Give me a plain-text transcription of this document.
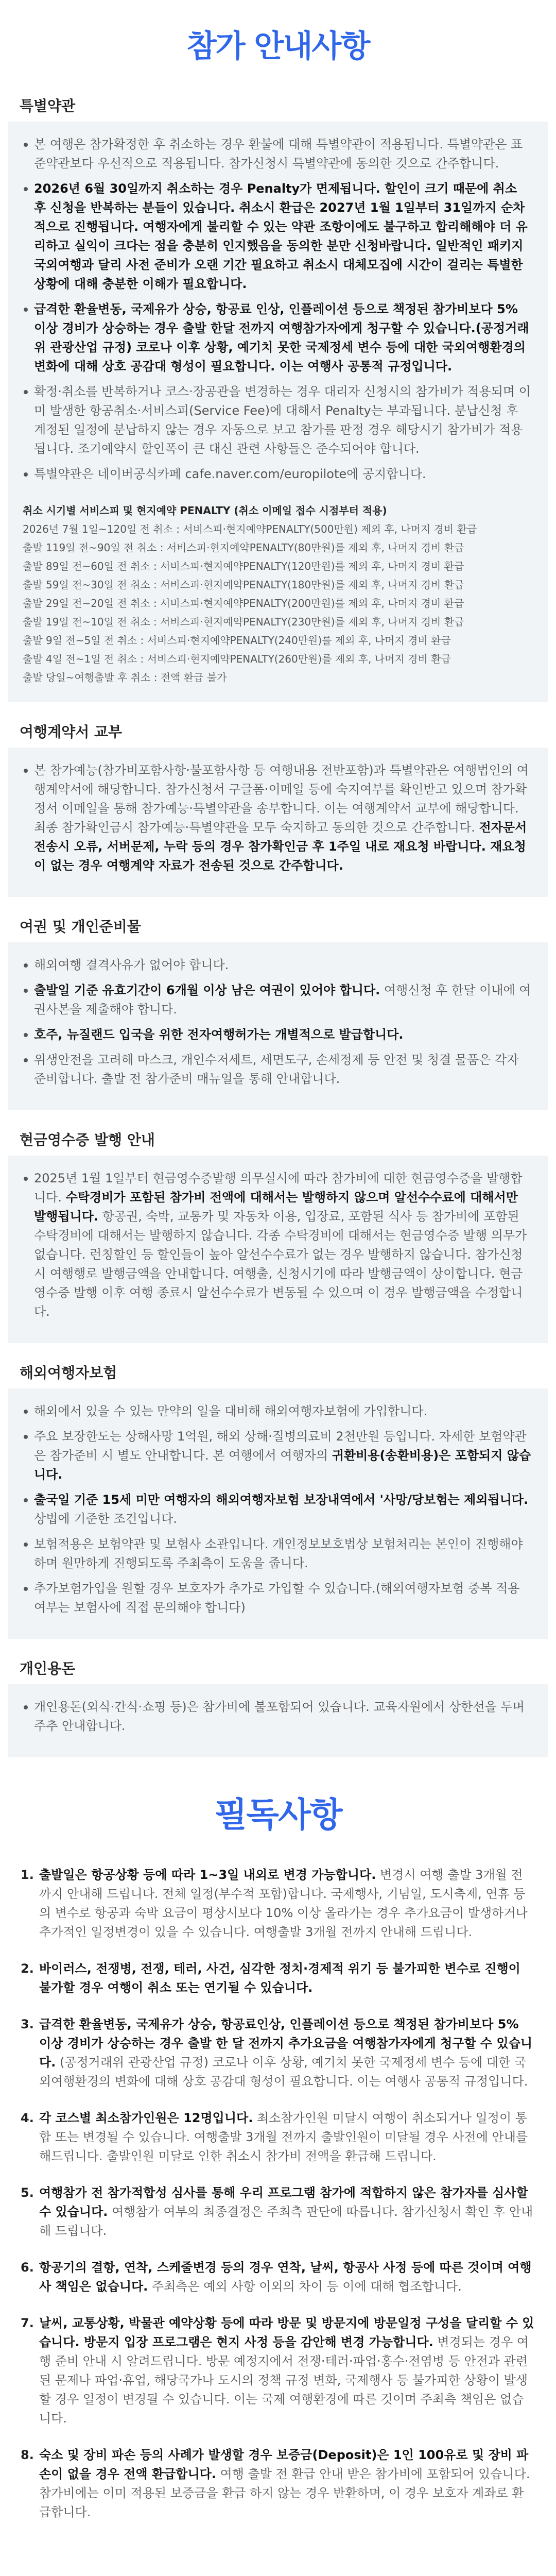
참가 안내사항
특별약관
본 여행은 참가확정한 후 취소하는 경우 환불에 대해 특별약관이 적용됩니다. 특별약관은 표준약관보다 우선적으로 적용됩니다. 참가신청시 특별약관에 동의한 것으로 간주합니다.
2026년 6월 30일까지 취소하는 경우 Penalty가 면제됩니다. 할인이 크기 때문에 취소 후 신청을 반복하는 분들이 있습니다. 취소시 환급은 2027년 1월 1일부터 31일까지 순차적으로 진행됩니다. 여행자에게 불리할 수 있는 약관 조항이에도 불구하고 합리해해야 더 유리하고 실익이 크다는 점을 충분히 인지했음을 동의한 분만 신청바랍니다. 일반적인 패키지 국외여행과 달리 사전 준비가 오랜 기간 필요하고 취소시 대체모집에 시간이 걸리는 특별한 상황에 대해 충분한 이해가 필요합니다.
급격한 환율변동, 국제유가 상승, 항공료 인상, 인플레이션 등으로 책정된 참가비보다 5% 이상 경비가 상승하는 경우 출발 한달 전까지 여행참가자에게 청구할 수 있습니다.(공정거래위 관광산업 규정) 코로나 이후 상황, 예기치 못한 국제정세 변수 등에 대한 국외여행환경의 변화에 대해 상호 공감대 형성이 필요합니다. 이는 여행사 공통적 규정입니다.
확정·취소를 반복하거나 코스·장공관을 변경하는 경우 대리자 신청시의 참가비가 적용되며 이미 발생한 항공취소·서비스피(Service Fee)에 대해서 Penalty는 부과됩니다. 분납신청 후 계정된 일정에 분납하지 않는 경우 자동으로 보고 참가를 판정 경우 해당시기 참가비가 적용됩니다. 조기예약시 할인폭이 큰 대신 관련 사항들은 준수되어야 합니다.
특별약관은 네이버공식카페 cafe.naver.com/europilote에 공지합니다.
취소 시기별 서비스피 및 현지예약 PENALTY (취소 이메일 접수 시점부터 적용)
2026년 7월 1일~120일 전 취소 : 서비스피·현지예약PENALTY(500만원) 제외 후, 나머지 경비 환급
출발 119일 전~90일 전 취소 : 서비스피·현지예약PENALTY(80만원)를 제외 후, 나머지 경비 환급
출발 89일 전~60일 전 취소 : 서비스피·현지예약PENALTY(120만원)를 제외 후, 나머지 경비 환급
출발 59일 전~30일 전 취소 : 서비스피·현지예약PENALTY(180만원)를 제외 후, 나머지 경비 환급
출발 29일 전~20일 전 취소 : 서비스피·현지예약PENALTY(200만원)를 제외 후, 나머지 경비 환급
출발 19일 전~10일 전 취소 : 서비스피·현지예약PENALTY(230만원)를 제외 후, 나머지 경비 환급
출발 9일 전~5일 전 취소 : 서비스피·현지예약PENALTY(240만원)를 제외 후, 나머지 경비 환급
출발 4일 전~1일 전 취소 : 서비스피·현지예약PENALTY(260만원)를 제외 후, 나머지 경비 환급
출발 당일~여행출발 후 취소 : 전액 환급 불가
여행계약서 교부
본 참가예능(참가비포함사항·불포함사항 등 여행내용 전반포함)과 특별약관은 여행법인의 여행계약서에 해당합니다. 참가신청서 구글폼·이메일 등에 숙지여부를 확인받고 있으며 참가확정서 이메일을 통해 참가예능·특별약관을 송부합니다. 이는 여행계약서 교부에 해당합니다. 최종 참가확인금시 참가예능·특별약관을 모두 숙지하고 동의한 것으로 간주합니다. 전자문서 전송시 오류, 서버문제, 누락 등의 경우 참가확인금 후 1주일 내로 재요청 바랍니다. 재요청이 없는 경우 여행계약 자료가 전송된 것으로 간주합니다.
여권 및 개인준비물
해외여행 결격사유가 없어야 합니다.
출발일 기준 유효기간이 6개월 이상 남은 여권이 있어야 합니다. 여행신청 후 한달 이내에 여권사본을 제출해야 합니다.
호주, 뉴질랜드 입국을 위한 전자여행허가는 개별적으로 발급합니다.
위생안전을 고려해 마스크, 개인수저세트, 세면도구, 손세정제 등 안전 및 청결 물품은 각자 준비합니다. 출발 전 참가준비 매뉴얼을 통해 안내합니다.
현금영수증 발행 안내
2025년 1월 1일부터 현금영수증발행 의무실시에 따라 참가비에 대한 현금영수증을 발행합니다. 수탁경비가 포함된 참가비 전액에 대해서는 발행하지 않으며 알선수수료에 대해서만 발행됩니다. 항공권, 숙박, 교통카 및 자동차 이용, 입장료, 포함된 식사 등 참가비에 포함된 수탁경비에 대해서는 발행하지 않습니다. 각종 수탁경비에 대해서는 현금영수증 발행 의무가 없습니다. 런칭할인 등 할인들이 높아 알선수수료가 없는 경우 발행하지 않습니다. 참가신청시 여행행로 발행금액을 안내합니다. 여행출, 신청시기에 따라 발행금액이 상이합니다. 현금영수증 발행 이후 여행 종료시 알선수수료가 변동될 수 있으며 이 경우 발행금액을 수정합니다.
해외여행자보험
해외에서 있을 수 있는 만약의 일을 대비해 해외여행자보험에 가입합니다.
주요 보장한도는 상해사망 1억원, 해외 상해·질병의료비 2천만원 등입니다. 자세한 보험약관은 참가준비 시 별도 안내합니다. 본 여행에서 여행자의 귀환비용(송환비용)은 포함되지 않습니다.
출국일 기준 15세 미만 여행자의 해외여행자보험 보장내역에서 '사망/당보험는 제외됩니다. 상법에 기준한 조건입니다.
보험적용은 보험약관 및 보험사 소관입니다. 개인정보보호법상 보험처리는 본인이 진행해야 하며 원만하게 진행되도록 주최측이 도움을 줍니다.
추가보험가입을 원할 경우 보호자가 추가로 가입할 수 있습니다.(해외여행자보험 중복 적용 여부는 보험사에 직접 문의해야 합니다)
개인용돈
개인용돈(외식·간식·쇼핑 등)은 참가비에 불포함되어 있습니다. 교육자원에서 상한선을 두며 주추 안내합니다.
필독사항
1. 출발일은 항공상황 등에 따라 1~3일 내외로 변경 가능합니다. 변경시 여행 출발 3개월 전까지 안내해 드립니다. 전체 일정(부수적 포함)합니다. 국제행사, 기념일, 도시축제, 연휴 등의 변수로 항공과 숙박 요금이 평상시보다 10% 이상 올라가는 경우 추가요금이 발생하거나 추가적인 일정변경이 있을 수 있습니다. 여행출발 3개월 전까지 안내해 드립니다.
2. 바이러스, 전쟁병, 전쟁, 테러, 사건, 심각한 정치·경제적 위기 등 불가피한 변수로 진행이 불가할 경우 여행이 취소 또는 연기될 수 있습니다.
3. 급격한 환율변동, 국제유가 상승, 항공료인상, 인플레이션 등으로 책정된 참가비보다 5% 이상 경비가 상승하는 경우 출발 한 달 전까지 추가요금을 여행참가자에게 청구할 수 있습니다. (공정거래위 관광산업 규정) 코로나 이후 상황, 예기치 못한 국제정세 변수 등에 대한 국외여행환경의 변화에 대해 상호 공감대 형성이 필요합니다. 이는 여행사 공통적 규정입니다.
4. 각 코스별 최소참가인원은 12명입니다. 최소참가인원 미달시 여행이 취소되거나 일정이 통합 또는 변경될 수 있습니다. 여행출발 3개월 전까지 출발인원이 미달될 경우 사전에 안내를 해드립니다. 출발인원 미달로 인한 취소시 참가비 전액을 환급해 드립니다.
5. 여행참가 전 참가적합성 심사를 통해 우리 프로그램 참가에 적합하지 않은 참가자를 심사할 수 있습니다. 여행참가 여부의 최종결정은 주최측 판단에 따릅니다. 참가신청서 확인 후 안내해 드립니다.
6. 항공기의 결항, 연착, 스케줄변경 등의 경우 연착, 날씨, 항공사 사정 등에 따른 것이며 여행사 책임은 없습니다. 주최측은 예외 사항 이외의 차이 등 이에 대해 협조합니다.
7. 날씨, 교통상황, 박물관 예약상황 등에 따라 방문 및 방문지에 방문일정 구성을 달리할 수 있습니다. 방문지 입장 프로그램은 현지 사정 등을 감안해 변경 가능합니다. 변경되는 경우 여행 준비 안내 시 알려드립니다. 방문 예정지에서 전쟁·테러·파업·홍수·전염병 등 안전과 관련된 문제나 파업·휴업, 해당국가나 도시의 정책 규정 변화, 국제행사 등 불가피한 상황이 발생할 경우 일정이 변경될 수 있습니다. 이는 국제 여행환경에 따른 것이며 주최측 책임은 없습니다.
8. 숙소 및 장비 파손 등의 사례가 발생할 경우 보증금(Deposit)은 1인 100유로 및 장비 파손이 없을 경우 전액 환급합니다. 여행 출발 전 환급 안내 받은 참가비에 포함되어 있습니다. 참가비에는 이미 적용된 보증금을 환급 하지 않는 경우 반환하며, 이 경우 보호자 계좌로 환급합니다.
